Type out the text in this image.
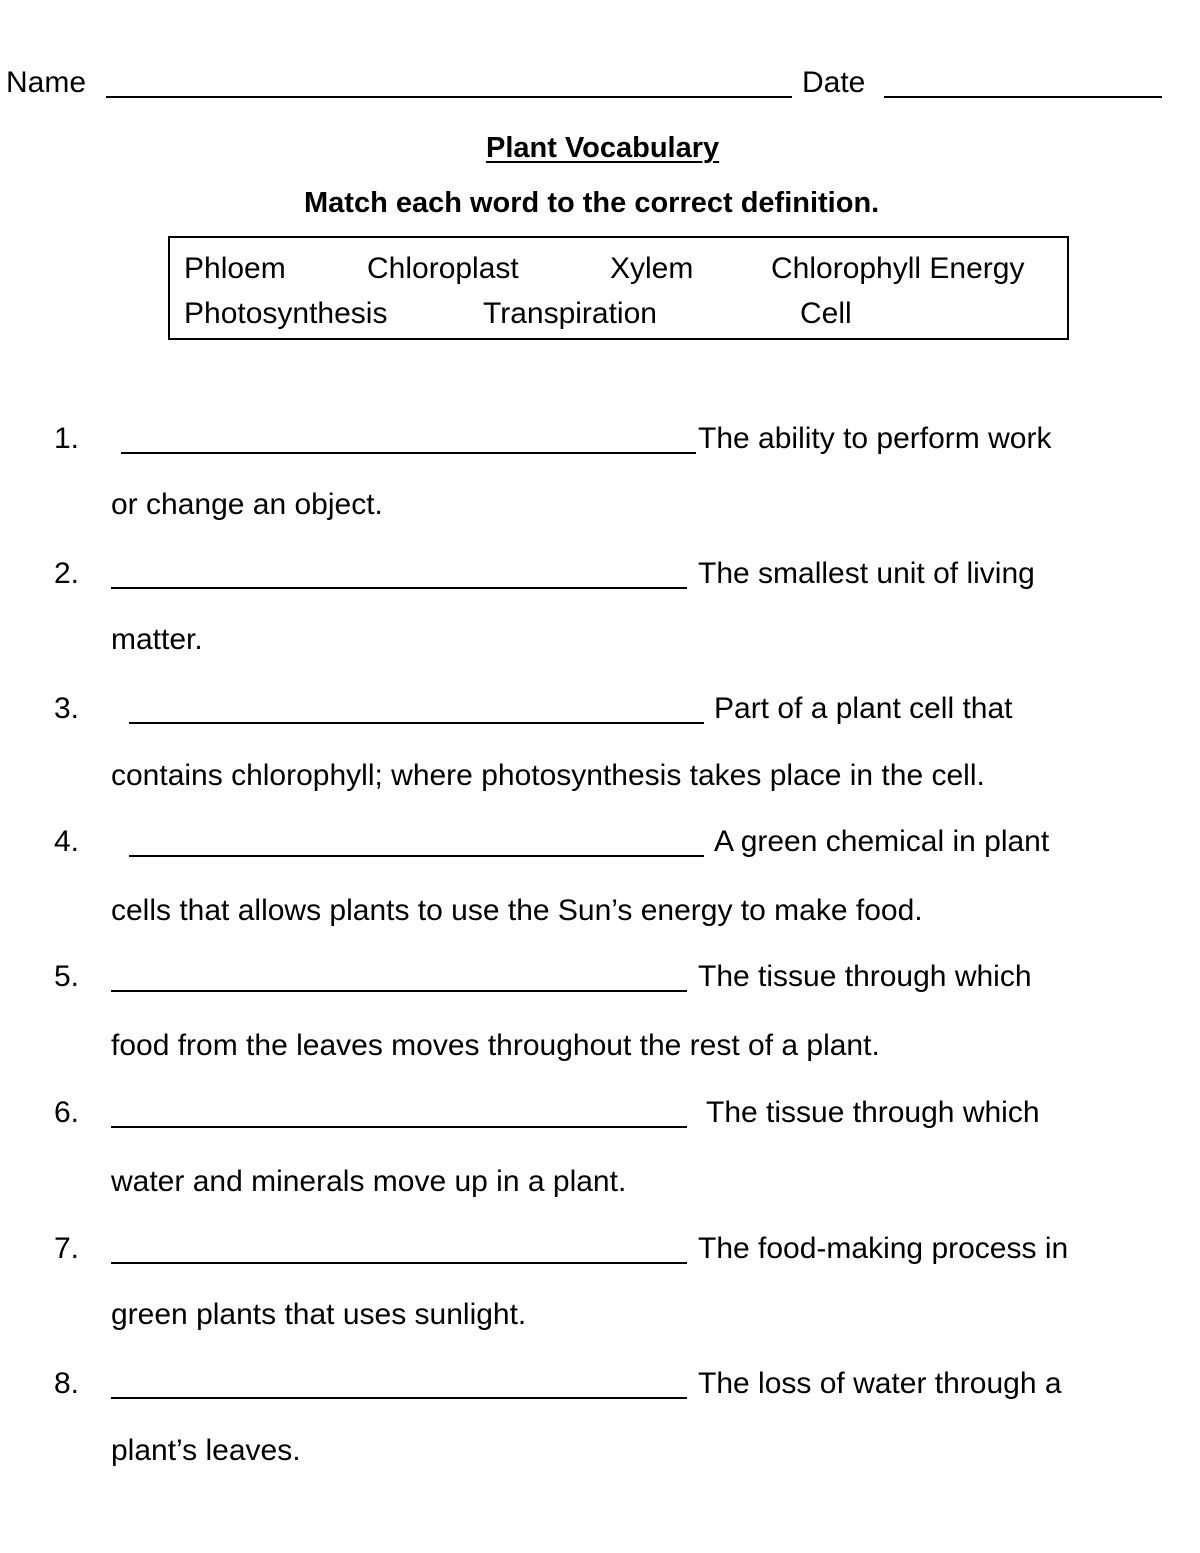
Name	Date
Plant Vocabulary
Match each word to the correct definition.
Phloem	Chloroplast	Xylem	Chlorophyll Energy
Photosynthesis	Transpiration	Cell
1.	The ability to perform work
or change an object.
2.	The smallest unit of living
matter.
3.	Part of a plant cell that
contains chlorophyll; where photosynthesis takes place in the cell.
4.	A green chemical in plant
cells that allows plants to use the Sun’s energy to make food.
5.	The tissue through which
food from the leaves moves throughout the rest of a plant.
6.	The tissue through which
water and minerals move up in a plant.
7.	The food-making process in
green plants that uses sunlight.
8.	The loss of water through a
plant’s leaves.
